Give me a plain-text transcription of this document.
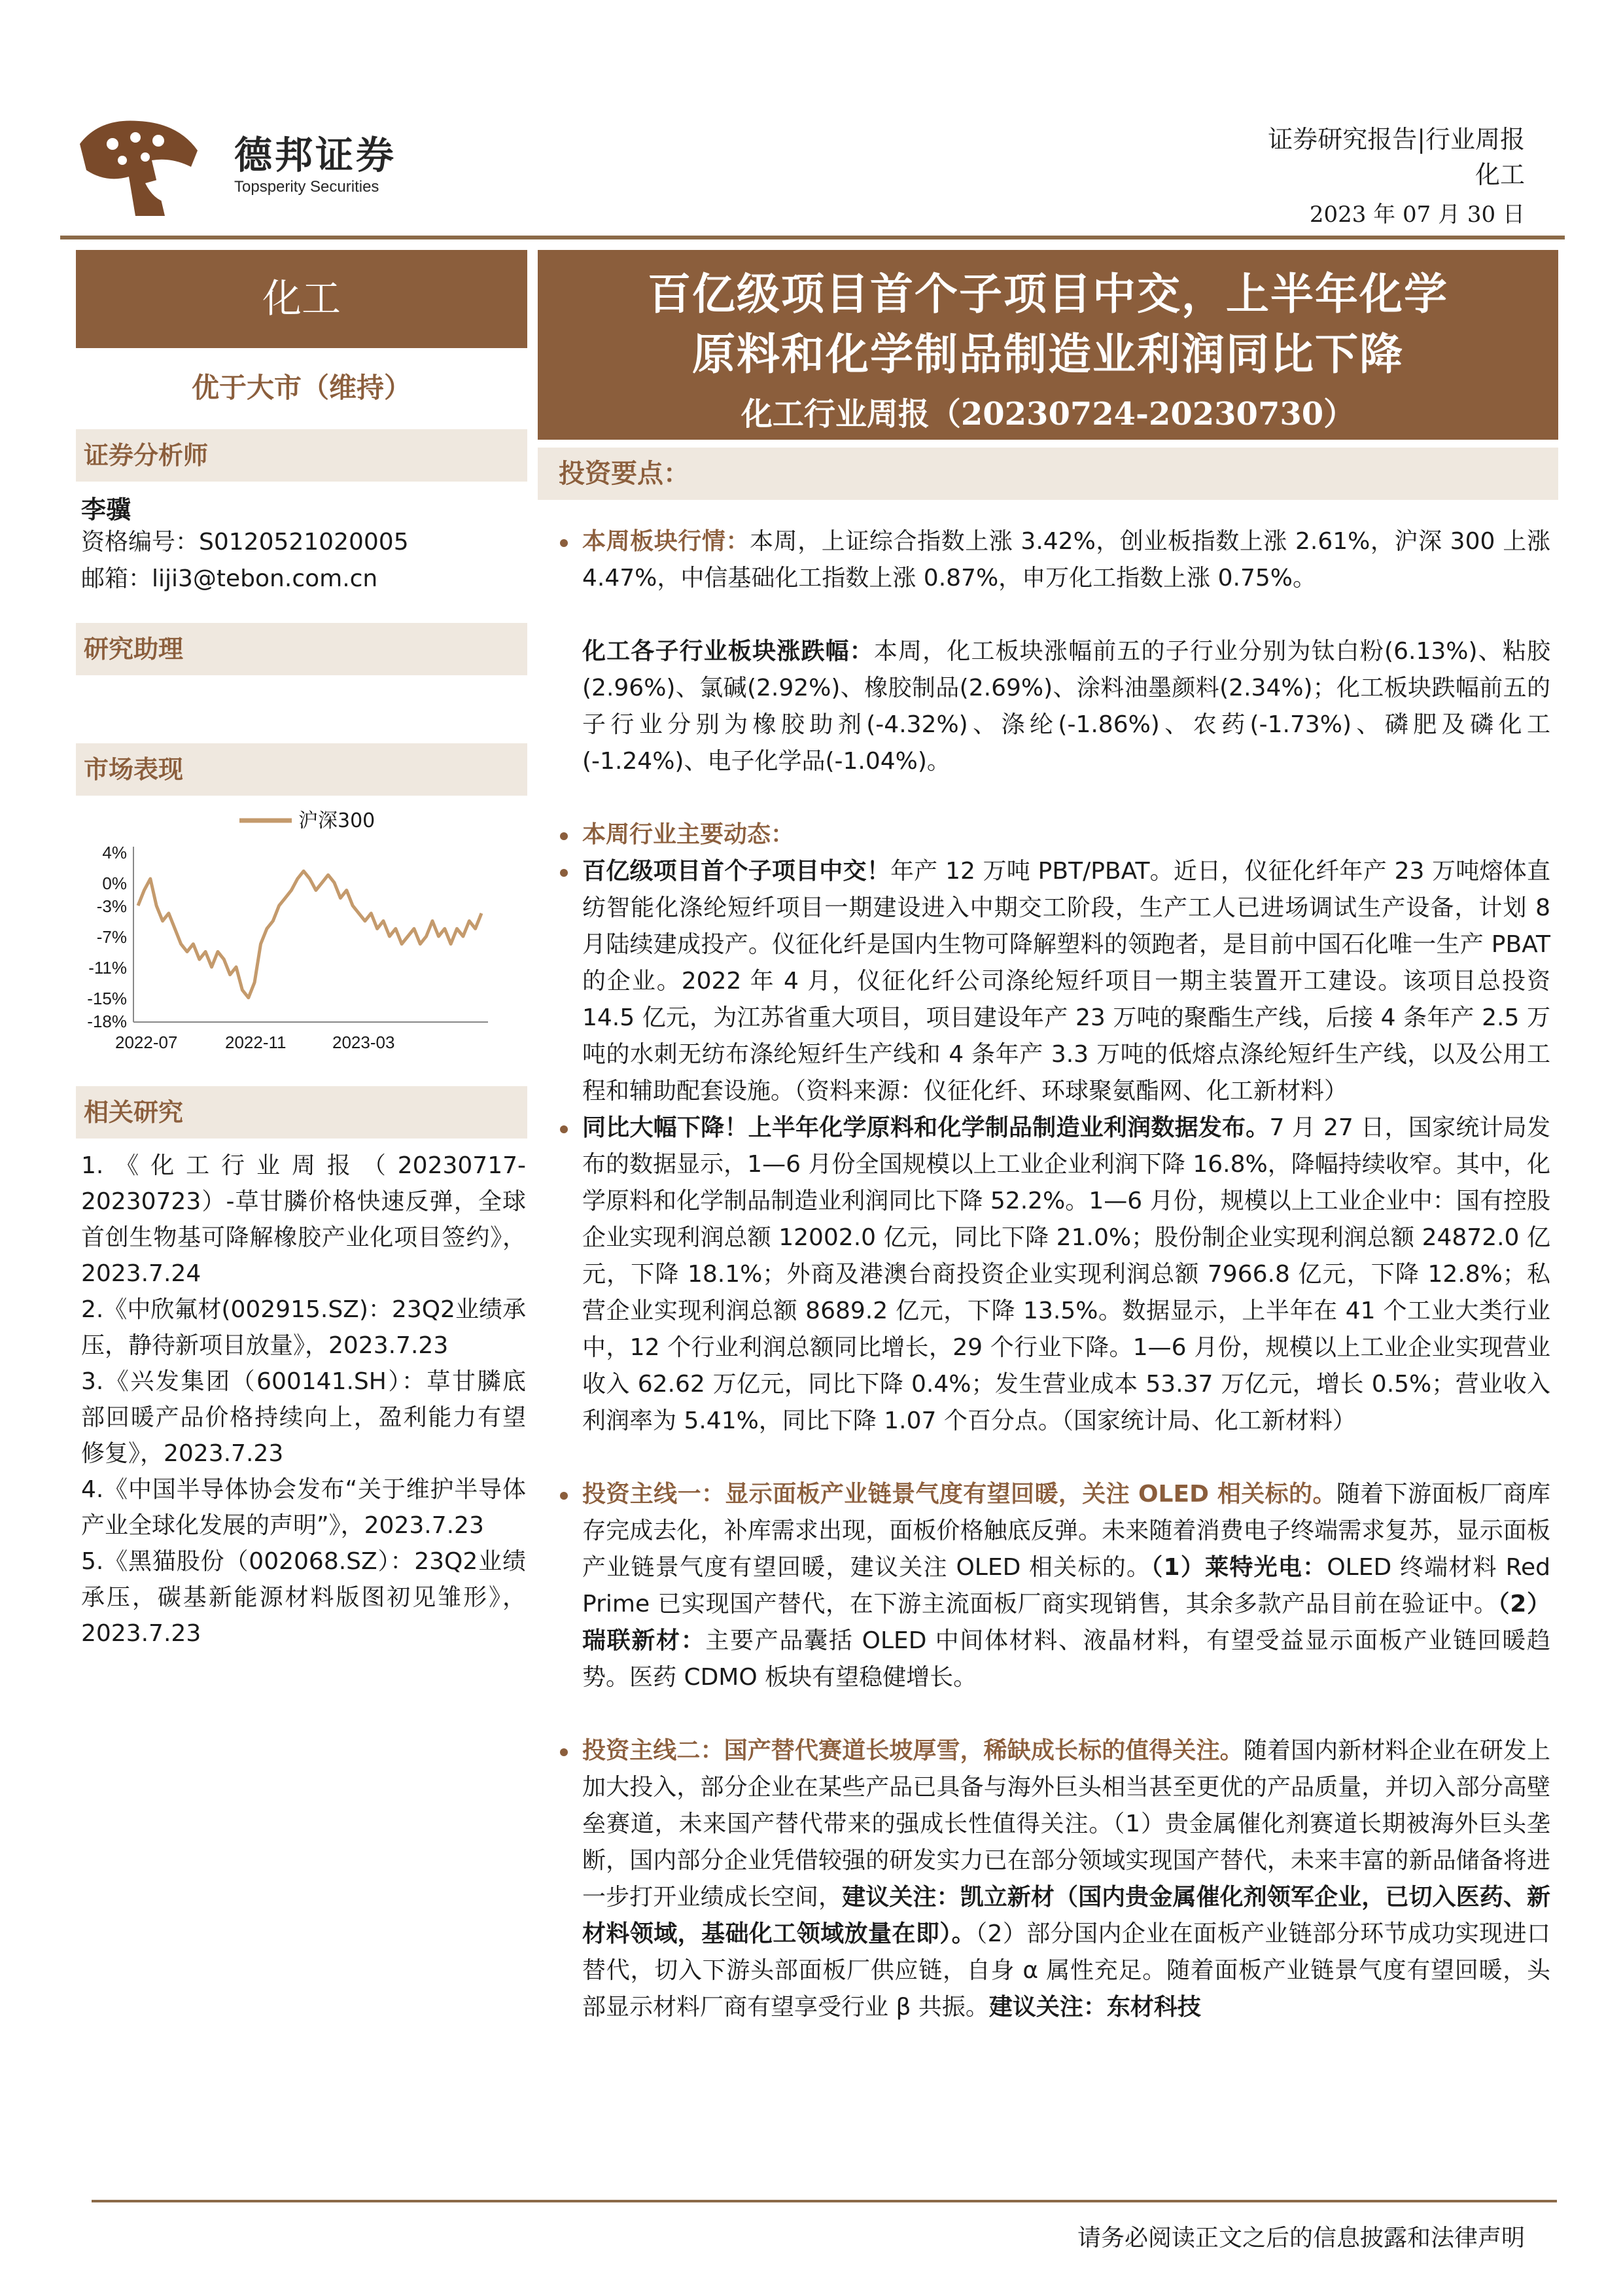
德邦证券
Topsperity Securities
证券研究报告|行业周报
化工
2023 年 07 月 30 日
化工
优于大市（维持）
证券分析师
李骥
资格编号：S0120521020005
邮箱：liji3@tebon.com.cn
研究助理
市场表现
沪深300
4%
0%
-3%
-7%
-11%
-15%
-18%
2022-07	2022-11	2023-03
相关研究
1.《化工行业周报（20230717-20230723）-草甘膦价格快速反弹，全球首创生物基可降解橡胶产业化项目签约》，2023.7.24
2.《中欣氟材(002915.SZ)：23Q2业绩承压，静待新项目放量》，2023.7.23
3.《兴发集团（600141.SH）：草甘膦底部回暖产品价格持续向上，盈利能力有望修复》，2023.7.23
4.《中国半导体协会发布“关于维护半导体产业全球化发展的声明”》，2023.7.23
5.《黑猫股份（002068.SZ）：23Q2业绩承压，碳基新能源材料版图初见雏形》，2023.7.23
百亿级项目首个子项目中交，上半年化学
原料和化学制品制造业利润同比下降
化工行业周报（20230724-20230730）
投资要点：

本周板块行情：本周，上证综合指数上涨 3.42%，创业板指数上涨 2.61%，沪深 300 上涨 4.47%，中信基础化工指数上涨 0.87%，申万化工指数上涨 0.75%。

化工各子行业板块涨跌幅：本周，化工板块涨幅前五的子行业分别为钛白粉(6.13%)、粘胶(2.96%)、氯碱(2.92%)、橡胶制品(2.69%)、涂料油墨颜料(2.34%)；化工板块跌幅前五的子行业分别为橡胶助剂(-4.32%)、涤纶(-1.86%)、农药(-1.73%)、磷肥及磷化工(-1.24%)、电子化学品(-1.04%)。

本周行业主要动态：

百亿级项目首个子项目中交！年产 12 万吨 PBT/PBAT。近日，仪征化纤年产 23 万吨熔体直纺智能化涤纶短纤项目一期建设进入中期交工阶段，生产工人已进场调试生产设备，计划 8 月陆续建成投产。仪征化纤是国内生物可降解塑料的领跑者，是目前中国石化唯一生产 PBAT 的企业。2022 年 4 月，仪征化纤公司涤纶短纤项目一期主装置开工建设。该项目总投资 14.5 亿元，为江苏省重大项目，项目建设年产 23 万吨的聚酯生产线，后接 4 条年产 2.5 万吨的水刺无纺布涤纶短纤生产线和 4 条年产 3.3 万吨的低熔点涤纶短纤生产线，以及公用工程和辅助配套设施。（资料来源：仪征化纤、环球聚氨酯网、化工新材料）

同比大幅下降！上半年化学原料和化学制品制造业利润数据发布。7 月 27 日，国家统计局发布的数据显示，1—6 月份全国规模以上工业企业利润下降 16.8%，降幅持续收窄。其中，化学原料和化学制品制造业利润同比下降 52.2%。1—6 月份，规模以上工业企业中：国有控股企业实现利润总额 12002.0 亿元，同比下降 21.0%；股份制企业实现利润总额 24872.0 亿元，下降 18.1%；外商及港澳台商投资企业实现利润总额 7966.8 亿元，下降 12.8%；私营企业实现利润总额 8689.2 亿元，下降 13.5%。数据显示，上半年在 41 个工业大类行业中，12 个行业利润总额同比增长，29 个行业下降。1—6 月份，规模以上工业企业实现营业收入 62.62 万亿元，同比下降 0.4%；发生营业成本 53.37 万亿元，增长 0.5%；营业收入利润率为 5.41%，同比下降 1.07 个百分点。（国家统计局、化工新材料）

投资主线一：显示面板产业链景气度有望回暖，关注 OLED 相关标的。随着下游面板厂商库存完成去化，补库需求出现，面板价格触底反弹。未来随着消费电子终端需求复苏，显示面板产业链景气度有望回暖，建议关注 OLED 相关标的。（1）莱特光电：OLED 终端材料 Red Prime 已实现国产替代，在下游主流面板厂商实现销售，其余多款产品目前在验证中。（2）瑞联新材：主要产品囊括 OLED 中间体材料、液晶材料，有望受益显示面板产业链回暖趋势。医药 CDMO 板块有望稳健增长。

投资主线二：国产替代赛道长坡厚雪，稀缺成长标的值得关注。随着国内新材料企业在研发上加大投入，部分企业在某些产品已具备与海外巨头相当甚至更优的产品质量，并切入部分高壁垒赛道，未来国产替代带来的强成长性值得关注。（1）贵金属催化剂赛道长期被海外巨头垄断，国内部分企业凭借较强的研发实力已在部分领域实现国产替代，未来丰富的新品储备将进一步打开业绩成长空间，建议关注：凯立新材（国内贵金属催化剂领军企业，已切入医药、新材料领域，基础化工领域放量在即）。（2）部分国内企业在面板产业链部分环节成功实现进口替代，切入下游头部面板厂供应链，自身 α 属性充足。随着面板产业链景气度有望回暖，头部显示材料厂商有望享受行业 β 共振。建议关注：东材科技

请务必阅读正文之后的信息披露和法律声明
